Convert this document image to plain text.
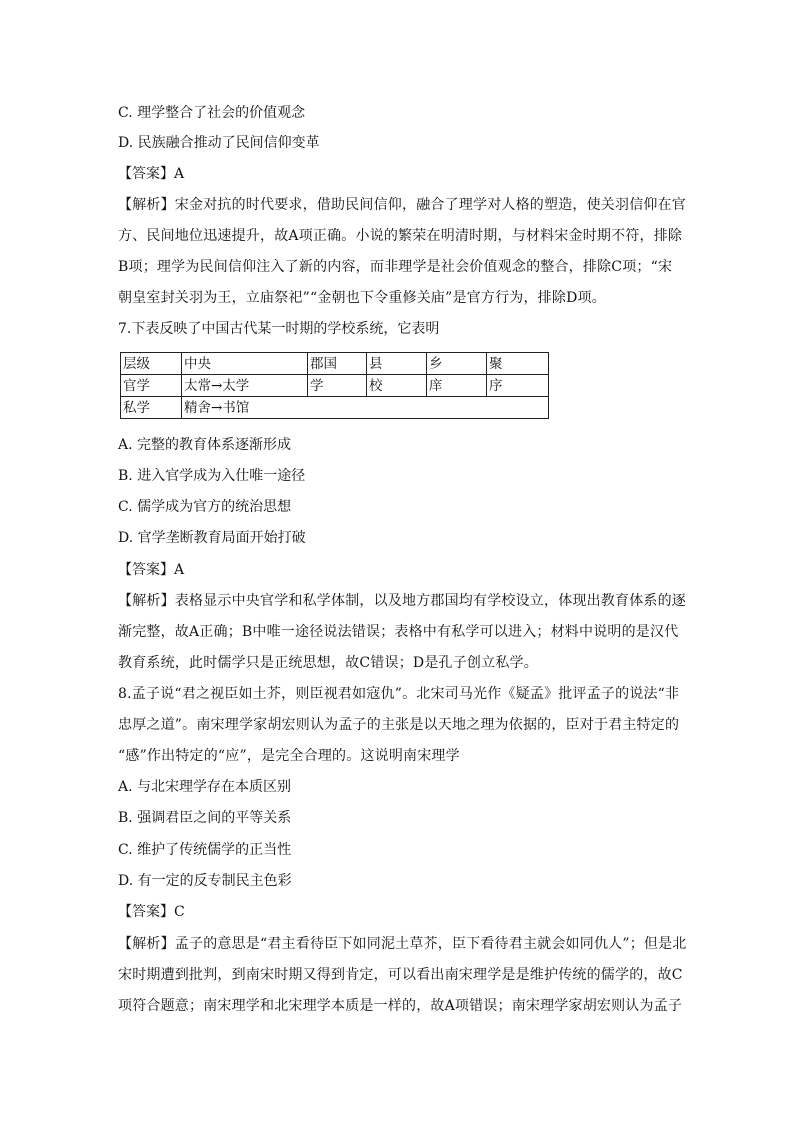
C. 理学整合了社会的价值观念
D. 民族融合推动了民间信仰变革
【答案】A
【解析】宋金对抗的时代要求，借助民间信仰，融合了理学对人格的塑造，使关羽信仰在官
方、民间地位迅速提升，故A项正确。小说的繁荣在明清时期，与材料宋金时期不符，排除
B项；理学为民间信仰注入了新的内容，而非理学是社会价值观念的整合，排除C项；“宋
朝皇室封关羽为王，立庙祭祀”“金朝也下令重修关庙”是官方行为，排除D项。
7.下表反映了中国古代某一时期的学校系统，它表明
层级	中央	郡国	县	乡	聚
官学	太常→太学	学	校	庠	序
私学	精舍→书馆				
A. 完整的教育体系逐渐形成
B. 进入官学成为入仕唯一途径
C. 儒学成为官方的统治思想
D. 官学垄断教育局面开始打破
【答案】A
【解析】表格显示中央官学和私学体制，以及地方郡国均有学校设立，体现出教育体系的逐
渐完整，故A正确；B中唯一途径说法错误；表格中有私学可以进入；材料中说明的是汉代
教育系统，此时儒学只是正统思想，故C错误；D是孔子创立私学。
8.孟子说“君之视臣如土芥，则臣视君如寇仇”。北宋司马光作《疑孟》批评孟子的说法“非
忠厚之道”。南宋理学家胡宏则认为孟子的主张是以天地之理为依据的，臣对于君主特定的
“感”作出特定的“应”，是完全合理的。这说明南宋理学
A. 与北宋理学存在本质区别
B. 强调君臣之间的平等关系
C. 维护了传统儒学的正当性
D. 有一定的反专制民主色彩
【答案】C
【解析】孟子的意思是“君主看待臣下如同泥土草芥，臣下看待君主就会如同仇人”；但是北
宋时期遭到批判，到南宋时期又得到肯定，可以看出南宋理学是是维护传统的儒学的，故C
项符合题意；南宋理学和北宋理学本质是一样的，故A项错误；南宋理学家胡宏则认为孟子
